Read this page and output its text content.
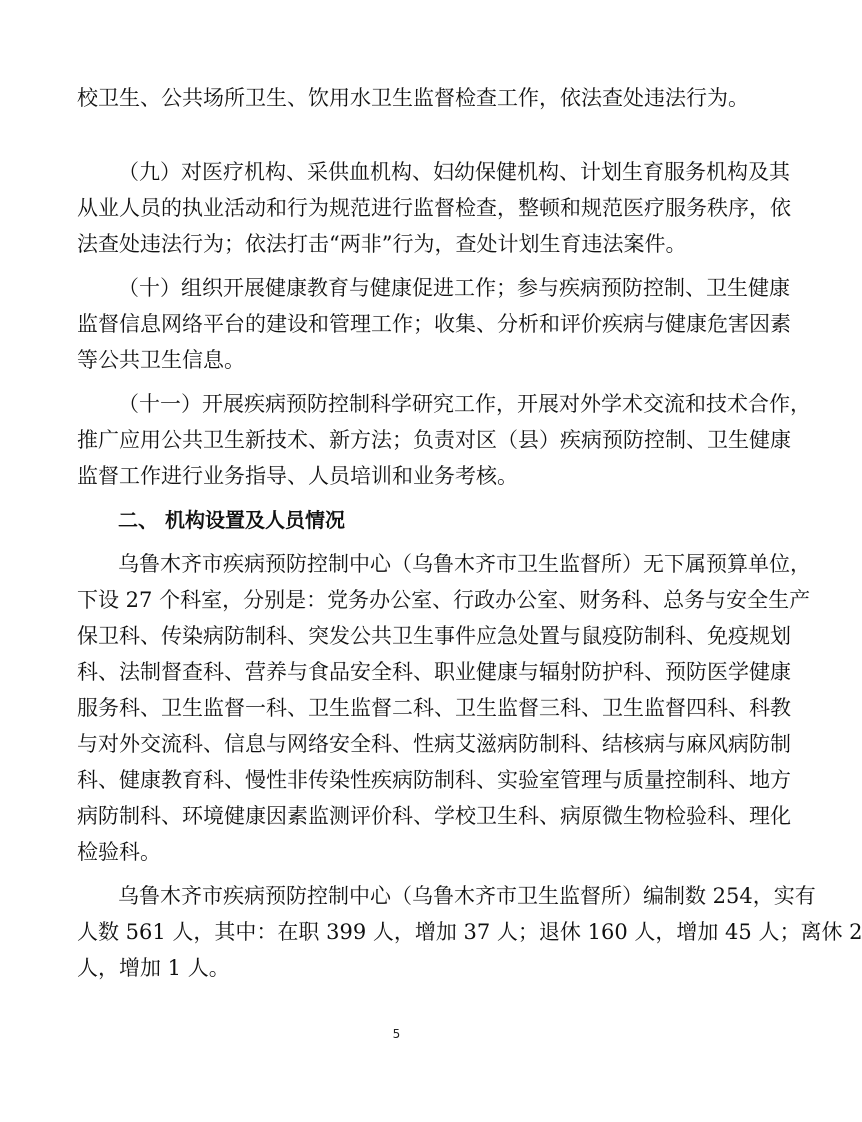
校卫生、公共场所卫生、饮用水卫生监督检查工作，依法查处违法行为。
（九）对医疗机构、采供血机构、妇幼保健机构、计划生育服务机构及其
从业人员的执业活动和行为规范进行监督检查，整顿和规范医疗服务秩序，依
法查处违法行为；依法打击“两非”行为，查处计划生育违法案件。
（十）组织开展健康教育与健康促进工作；参与疾病预防控制、卫生健康
监督信息网络平台的建设和管理工作；收集、分析和评价疾病与健康危害因素
等公共卫生信息。
（十一）开展疾病预防控制科学研究工作，开展对外学术交流和技术合作，
推广应用公共卫生新技术、新方法；负责对区（县）疾病预防控制、卫生健康
监督工作进行业务指导、人员培训和业务考核。
二、 机构设置及人员情况
乌鲁木齐市疾病预防控制中心（乌鲁木齐市卫生监督所）无下属预算单位，
下设 27 个科室，分别是：党务办公室、行政办公室、财务科、总务与安全生产
保卫科、传染病防制科、突发公共卫生事件应急处置与鼠疫防制科、免疫规划
科、法制督查科、营养与食品安全科、职业健康与辐射防护科、预防医学健康
服务科、卫生监督一科、卫生监督二科、卫生监督三科、卫生监督四科、科教
与对外交流科、信息与网络安全科、性病艾滋病防制科、结核病与麻风病防制
科、健康教育科、慢性非传染性疾病防制科、实验室管理与质量控制科、地方
病防制科、环境健康因素监测评价科、学校卫生科、病原微生物检验科、理化
检验科。
乌鲁木齐市疾病预防控制中心（乌鲁木齐市卫生监督所）编制数 254，实有
人数 561 人，其中：在职 399 人，增加 37 人；退休 160 人，增加 45 人；离休 2
人，增加 1 人。
5
